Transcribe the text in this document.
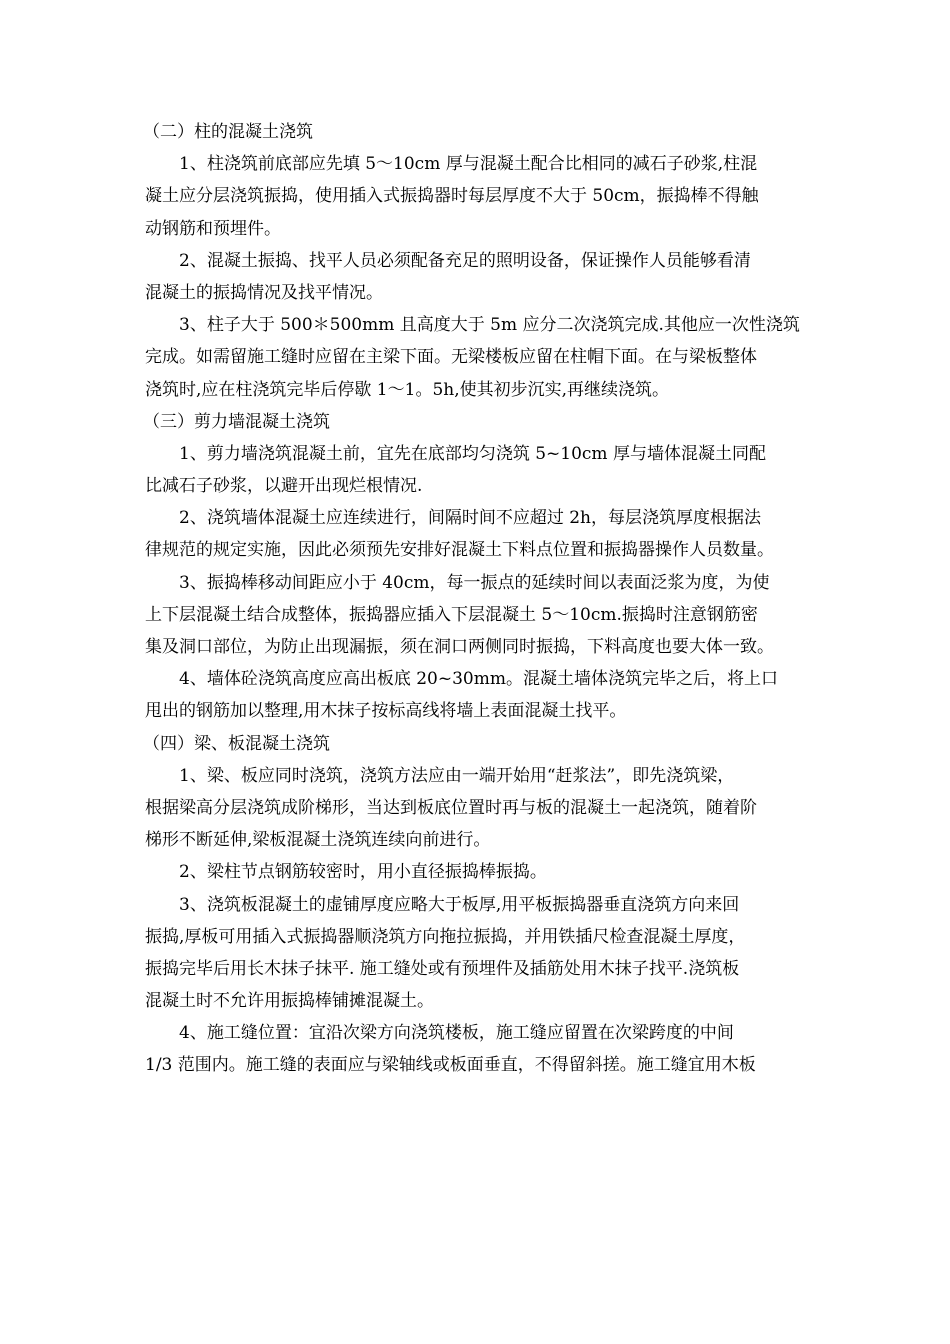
（二）柱的混凝土浇筑
1、柱浇筑前底部应先填 5～10cm 厚与混凝土配合比相同的减石子砂浆,柱混
凝土应分层浇筑振捣，使用插入式振捣器时每层厚度不大于 50cm，振捣棒不得触
动钢筋和预埋件。
2、混凝土振捣、找平人员必须配备充足的照明设备，保证操作人员能够看清
混凝土的振捣情况及找平情况。
3、柱子大于 500＊500mm 且高度大于 5m 应分二次浇筑完成.其他应一次性浇筑
完成。如需留施工缝时应留在主梁下面。无梁楼板应留在柱帽下面。在与梁板整体
浇筑时,应在柱浇筑完毕后停歇 1～1。5h,使其初步沉实,再继续浇筑。
（三）剪力墙混凝土浇筑
1、剪力墙浇筑混凝土前，宜先在底部均匀浇筑 5~10cm 厚与墙体混凝土同配
比减石子砂浆，以避开出现烂根情况.
2、浇筑墙体混凝土应连续进行，间隔时间不应超过 2h，每层浇筑厚度根据法
律规范的规定实施，因此必须预先安排好混凝土下料点位置和振捣器操作人员数量。
3、振捣棒移动间距应小于 40cm，每一振点的延续时间以表面泛浆为度，为使
上下层混凝土结合成整体，振捣器应插入下层混凝土 5～10cm.振捣时注意钢筋密
集及洞口部位，为防止出现漏振，须在洞口两侧同时振捣，下料高度也要大体一致。
4、墙体砼浇筑高度应高出板底 20~30mm。混凝土墙体浇筑完毕之后，将上口
甩出的钢筋加以整理,用木抹子按标高线将墙上表面混凝土找平。
（四）梁、板混凝土浇筑
1、梁、板应同时浇筑，浇筑方法应由一端开始用“赶浆法”，即先浇筑梁，
根据梁高分层浇筑成阶梯形，当达到板底位置时再与板的混凝土一起浇筑，随着阶
梯形不断延伸,梁板混凝土浇筑连续向前进行。
2、梁柱节点钢筋较密时，用小直径振捣棒振捣。
3、浇筑板混凝土的虚铺厚度应略大于板厚,用平板振捣器垂直浇筑方向来回
振捣,厚板可用插入式振捣器顺浇筑方向拖拉振捣，并用铁插尺检查混凝土厚度，
振捣完毕后用长木抹子抹平. 施工缝处或有预埋件及插筋处用木抹子找平.浇筑板
混凝土时不允许用振捣棒铺摊混凝土。
4、施工缝位置：宜沿次梁方向浇筑楼板，施工缝应留置在次梁跨度的中间
1/3 范围内。施工缝的表面应与梁轴线或板面垂直，不得留斜搓。施工缝宜用木板
